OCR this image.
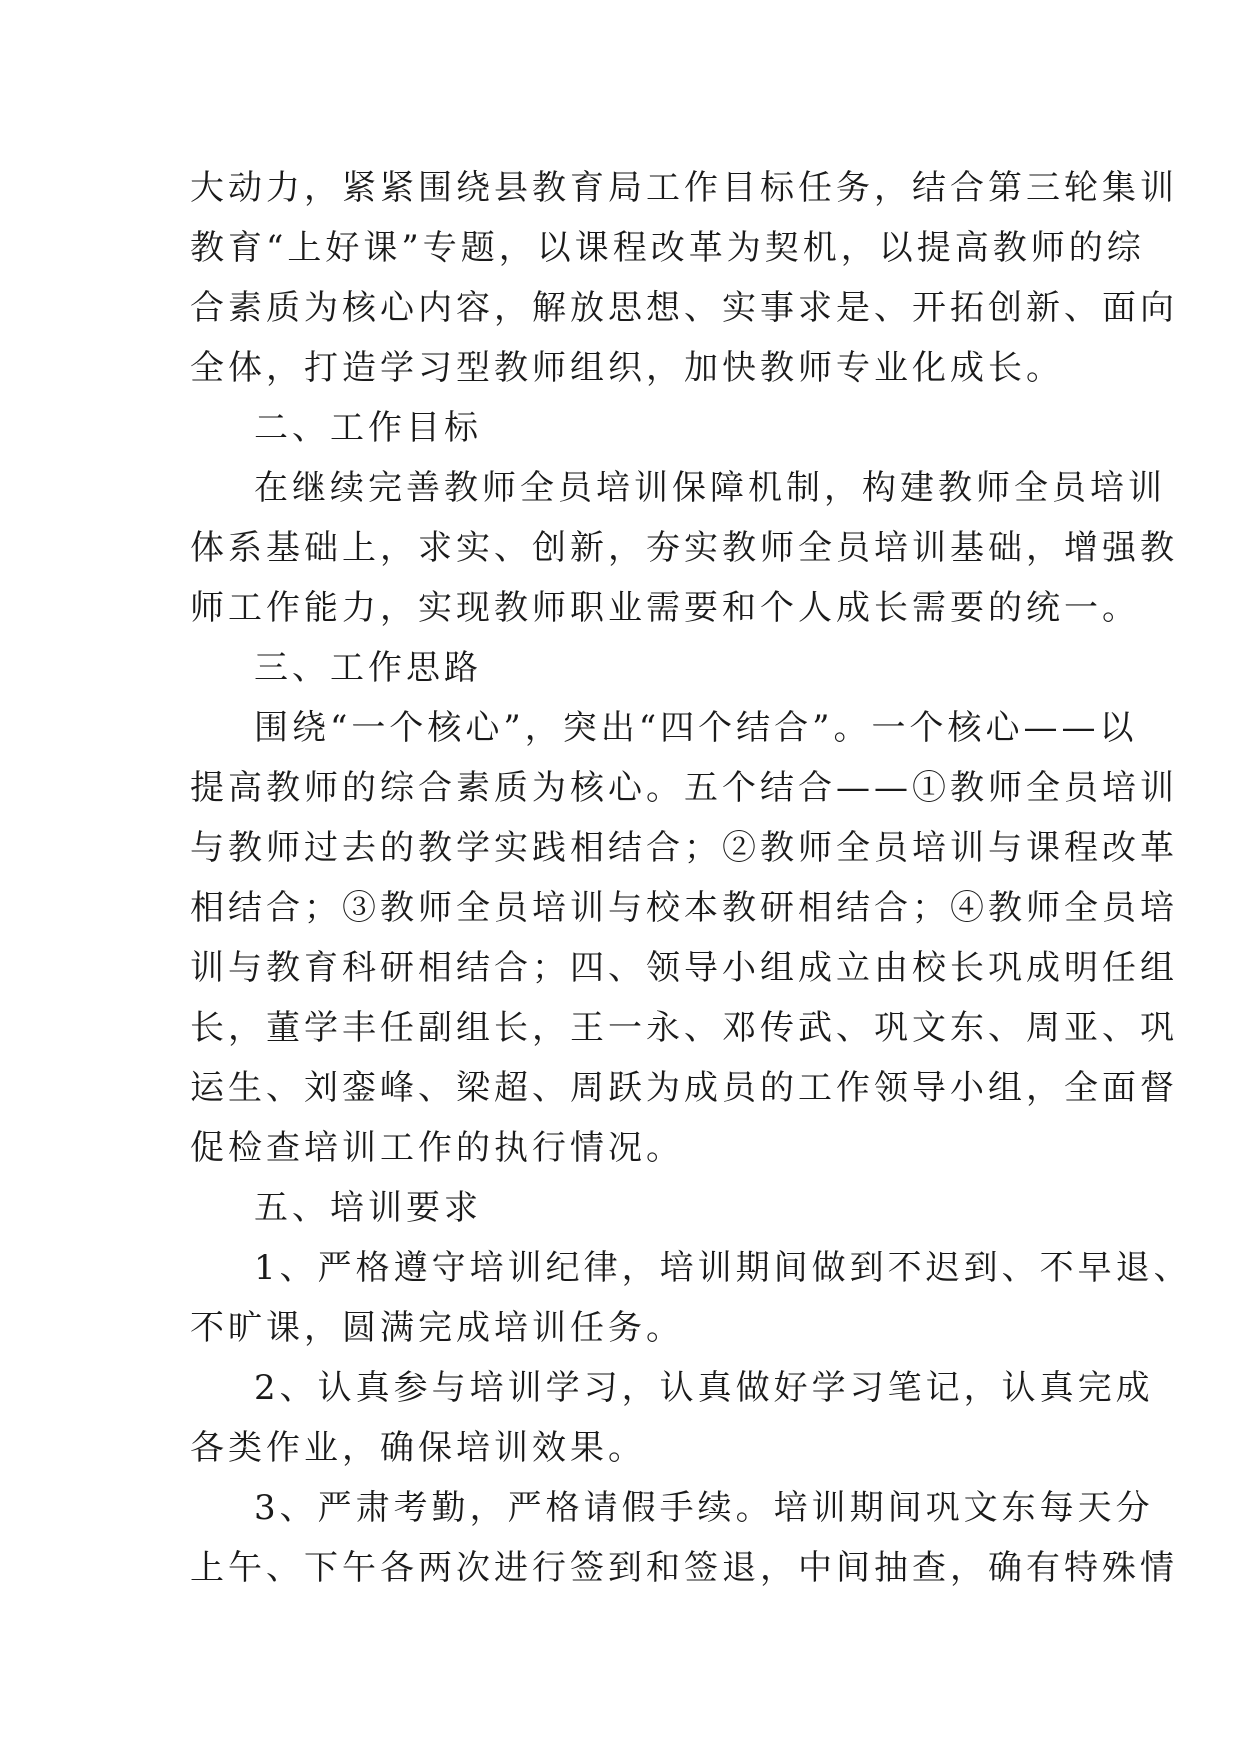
大动力，紧紧围绕县教育局工作目标任务，结合第三轮集训
教育“上好课”专题，以课程改革为契机，以提高教师的综
合素质为核心内容，解放思想、实事求是、开拓创新、面向
全体，打造学习型教师组织，加快教师专业化成长。
二、工作目标
在继续完善教师全员培训保障机制，构建教师全员培训
体系基础上，求实、创新，夯实教师全员培训基础，增强教
师工作能力，实现教师职业需要和个人成长需要的统一。
三、工作思路
围绕“一个核心”，突出“四个结合”。一个核心——以
提高教师的综合素质为核心。五个结合——①教师全员培训
与教师过去的教学实践相结合；②教师全员培训与课程改革
相结合；③教师全员培训与校本教研相结合；④教师全员培
训与教育科研相结合；四、领导小组成立由校长巩成明任组
长，董学丰任副组长，王一永、邓传武、巩文东、周亚、巩
运生、刘銮峰、梁超、周跃为成员的工作领导小组，全面督
促检查培训工作的执行情况。
五、培训要求
1、严格遵守培训纪律，培训期间做到不迟到、不早退、
不旷课，圆满完成培训任务。
2、认真参与培训学习，认真做好学习笔记，认真完成
各类作业，确保培训效果。
3、严肃考勤，严格请假手续。培训期间巩文东每天分
上午、下午各两次进行签到和签退，中间抽查，确有特殊情
